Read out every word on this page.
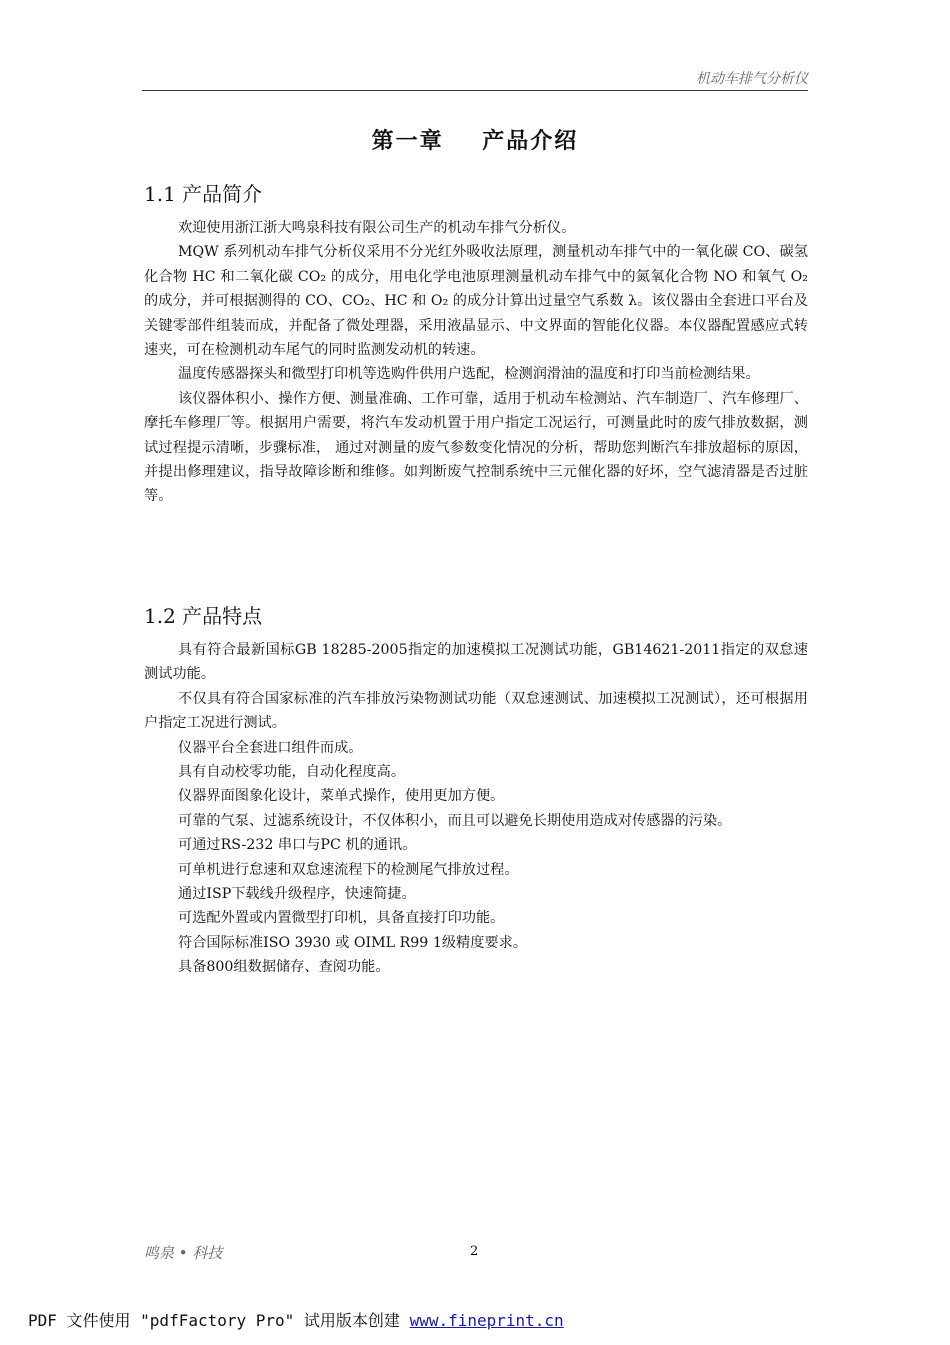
机动车排气分析仪
第一章    产品介绍
1.1 产品简介

欢迎使用浙江浙大鸣泉科技有限公司生产的机动车排气分析仪。

MQW 系列机动车排气分析仪采用不分光红外吸收法原理，测量机动车排气中的一氧化碳 CO、碳氢化合物 HC 和二氧化碳 CO₂ 的成分，用电化学电池原理测量机动车排气中的氮氧化合物 NO 和氧气 O₂ 的成分，并可根据测得的 CO、CO₂、HC 和 O₂ 的成分计算出过量空气系数 λ。该仪器由全套进口平台及关键零部件组装而成，并配备了微处理器，采用液晶显示、中文界面的智能化仪器。本仪器配置感应式转速夹，可在检测机动车尾气的同时监测发动机的转速。

温度传感器探头和微型打印机等选购件供用户选配，检测润滑油的温度和打印当前检测结果。

该仪器体积小、操作方便、测量准确、工作可靠，适用于机动车检测站、汽车制造厂、汽车修理厂、摩托车修理厂等。根据用户需要，将汽车发动机置于用户指定工况运行，可测量此时的废气排放数据，测试过程提示清晰，步骤标准， 通过对测量的废气参数变化情况的分析，帮助您判断汽车排放超标的原因，并提出修理建议，指导故障诊断和维修。如判断废气控制系统中三元催化器的好坏，空气滤清器是否过脏等。

1.2 产品特点

具有符合最新国标GB 18285-2005指定的加速模拟工况测试功能，GB14621-2011指定的双怠速测试功能。

不仅具有符合国家标准的汽车排放污染物测试功能（双怠速测试、加速模拟工况测试），还可根据用户指定工况进行测试。

仪器平台全套进口组件而成。

具有自动校零功能，自动化程度高。

仪器界面图象化设计，菜单式操作，使用更加方便。

可靠的气泵、过滤系统设计，不仅体积小，而且可以避免长期使用造成对传感器的污染。

可通过RS-232 串口与PC 机的通讯。

可单机进行怠速和双怠速流程下的检测尾气排放过程。

通过ISP下载线升级程序，快速简捷。

可选配外置或内置微型打印机，具备直接打印功能。

符合国际标准ISO 3930 或 OIML R99 1级精度要求。

具备800组数据储存、查阅功能。

鸣泉 • 科技	2
PDF 文件使用 "pdfFactory Pro" 试用版本创建 www.fineprint.cn
